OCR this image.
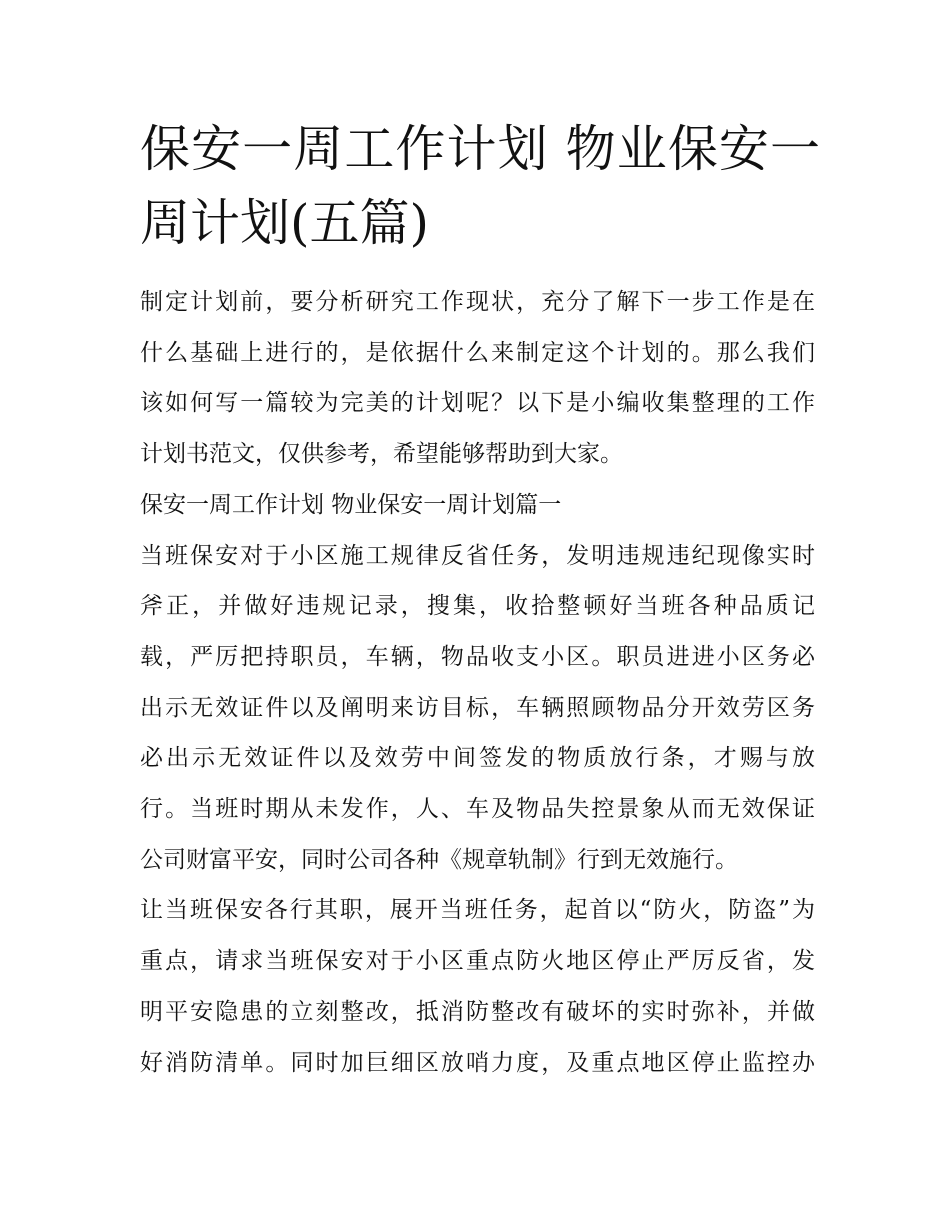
保安一周工作计划 物业保安一
周计划(五篇)

制定计划前，要分析研究工作现状，充分了解下一步工作是在
什么基础上进行的，是依据什么来制定这个计划的。那么我们
该如何写一篇较为完美的计划呢？以下是小编收集整理的工作
计划书范文，仅供参考，希望能够帮助到大家。

保安一周工作计划 物业保安一周计划篇一

当班保安对于小区施工规律反省任务，发明违规违纪现像实时
斧正，并做好违规记录，搜集，收拾整顿好当班各种品质记
载，严厉把持职员，车辆，物品收支小区。职员进进小区务必
出示无效证件以及阐明来访目标，车辆照顾物品分开效劳区务
必出示无效证件以及效劳中间签发的物质放行条，才赐与放
行。当班时期从未发作，人、车及物品失控景象从而无效保证
公司财富平安，同时公司各种《规章轨制》行到无效施行。

让当班保安各行其职，展开当班任务，起首以“防火，防盗”为
重点，请求当班保安对于小区重点防火地区停止严厉反省，发
明平安隐患的立刻整改，抵消防整改有破坏的实时弥补，并做
好消防清单。同时加巨细区放哨力度，及重点地区停止监控办
